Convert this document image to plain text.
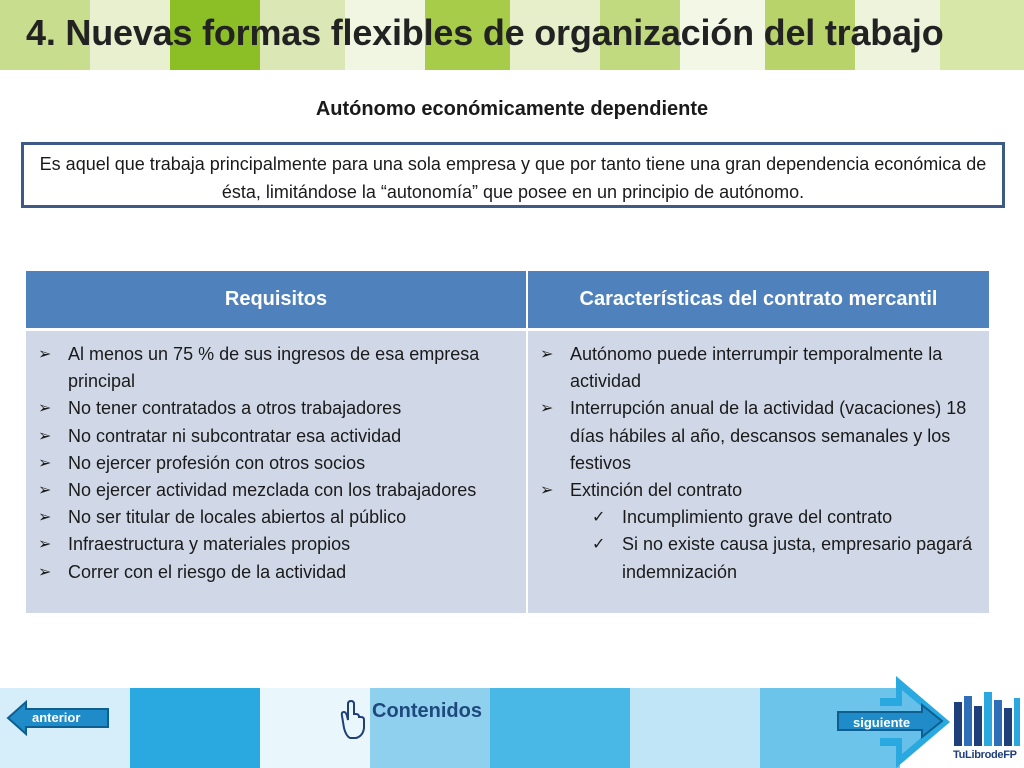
4. Nuevas formas flexibles de organización del trabajo
Autónomo económicamente dependiente
Es aquel que trabaja principalmente para una sola empresa y que por tanto tiene una gran dependencia económica de ésta, limitándose la “autonomía” que posee en un principio de autónomo.
Requisitos	Características del contrato mercantil
➢ Al menos un 75 % de sus ingresos de esa empresa principal
➢ No tener contratados a otros trabajadores
➢ No contratar ni subcontratar esa actividad
➢ No ejercer profesión con otros socios
➢ No ejercer actividad mezclada con los trabajadores
➢ No ser titular de locales abiertos al público
➢ Infraestructura y materiales propios
➢ Correr con el riesgo de la actividad
➢ Autónomo puede interrumpir temporalmente la actividad
➢ Interrupción anual de la actividad (vacaciones) 18 días hábiles al año, descansos semanales y los festivos
➢ Extinción del contrato
✓ Incumplimiento grave del contrato
✓ Si no existe causa justa, empresario pagará indemnización
anterior	Contenidos
siguiente
TuLibrodeFP
